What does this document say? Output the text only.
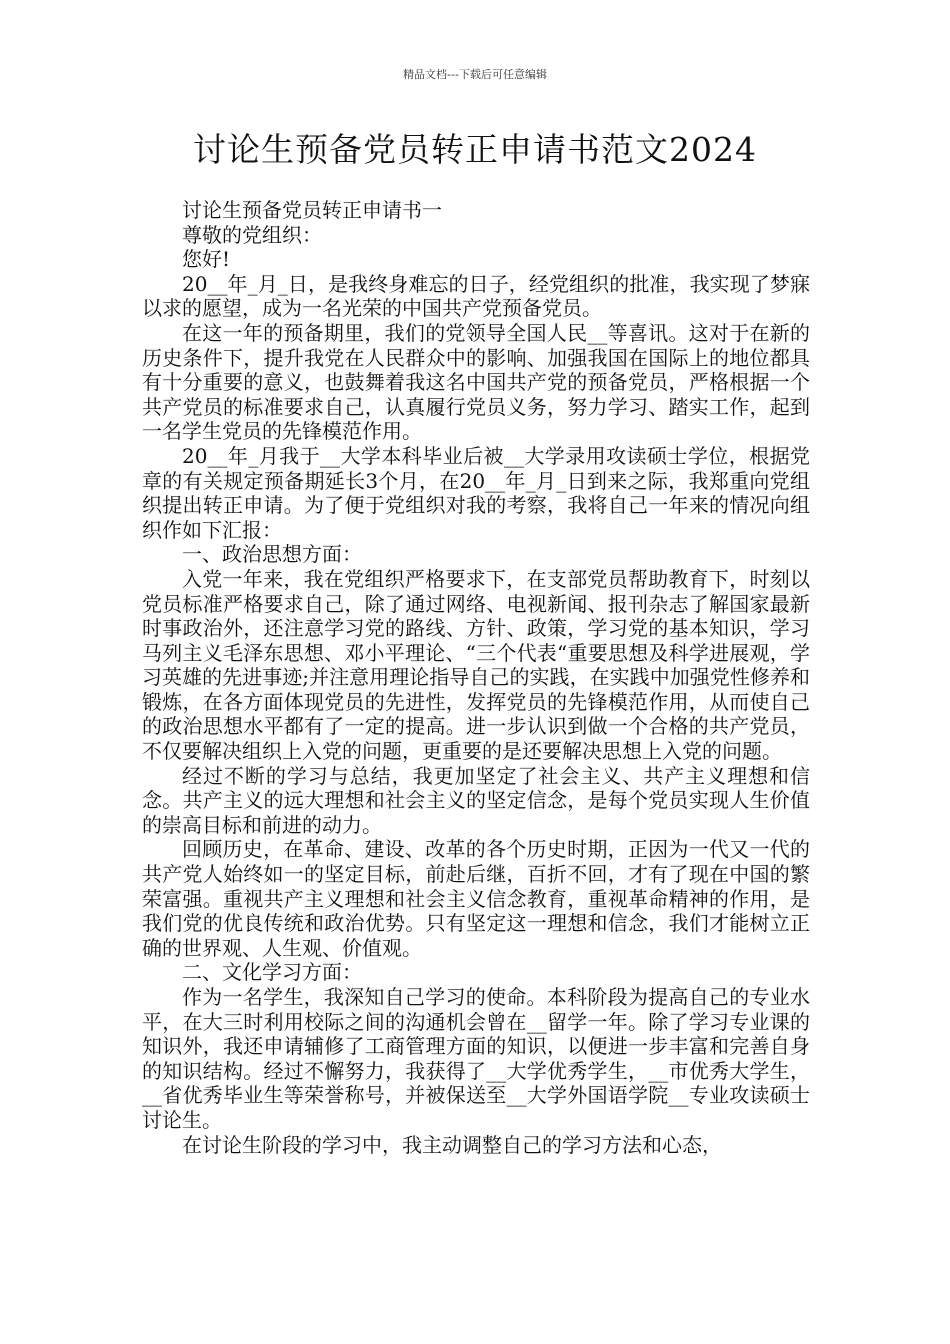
精品文档---下载后可任意编辑
讨论生预备党员转正申请书范文2024

讨论生预备党员转正申请书一

尊敬的党组织：

您好!

20__年_月_日，是我终身难忘的日子，经党组织的批准，我实现了梦寐以求的愿望，成为一名光荣的中国共产党预备党员。

在这一年的预备期里，我们的党领导全国人民__等喜讯。这对于在新的历史条件下，提升我党在人民群众中的影响、加强我国在国际上的地位都具有十分重要的意义，也鼓舞着我这名中国共产党的预备党员，严格根据一个共产党员的标准要求自己，认真履行党员义务，努力学习、踏实工作，起到一名学生党员的先锋模范作用。

20__年_月我于__大学本科毕业后被__大学录用攻读硕士学位，根据党章的有关规定预备期延长3个月，在20__年_月_日到来之际，我郑重向党组织提出转正申请。为了便于党组织对我的考察，我将自己一年来的情况向组织作如下汇报：

一、政治思想方面：

入党一年来，我在党组织严格要求下，在支部党员帮助教育下，时刻以党员标准严格要求自己，除了通过网络、电视新闻、报刊杂志了解国家最新时事政治外，还注意学习党的路线、方针、政策，学习党的基本知识，学习马列主义毛泽东思想、邓小平理论、“三个代表“重要思想及科学进展观，学习英雄的先进事迹;并注意用理论指导自己的实践，在实践中加强党性修养和锻炼，在各方面体现党员的先进性，发挥党员的先锋模范作用，从而使自己的政治思想水平都有了一定的提高。进一步认识到做一个合格的共产党员，不仅要解决组织上入党的问题，更重要的是还要解决思想上入党的问题。

经过不断的学习与总结，我更加坚定了社会主义、共产主义理想和信念。共产主义的远大理想和社会主义的坚定信念，是每个党员实现人生价值的崇高目标和前进的动力。

回顾历史，在革命、建设、改革的各个历史时期，正因为一代又一代的共产党人始终如一的坚定目标，前赴后继，百折不回，才有了现在中国的繁荣富强。重视共产主义理想和社会主义信念教育，重视革命精神的作用，是我们党的优良传统和政治优势。只有坚定这一理想和信念，我们才能树立正确的世界观、人生观、价值观。

二、文化学习方面：

作为一名学生，我深知自己学习的使命。本科阶段为提高自己的专业水平，在大三时利用校际之间的沟通机会曾在__留学一年。除了学习专业课的知识外，我还申请辅修了工商管理方面的知识，以便进一步丰富和完善自身的知识结构。经过不懈努力，我获得了__大学优秀学生，__市优秀大学生，__省优秀毕业生等荣誉称号，并被保送至__大学外国语学院__专业攻读硕士讨论生。

在讨论生阶段的学习中，我主动调整自己的学习方法和心态，
